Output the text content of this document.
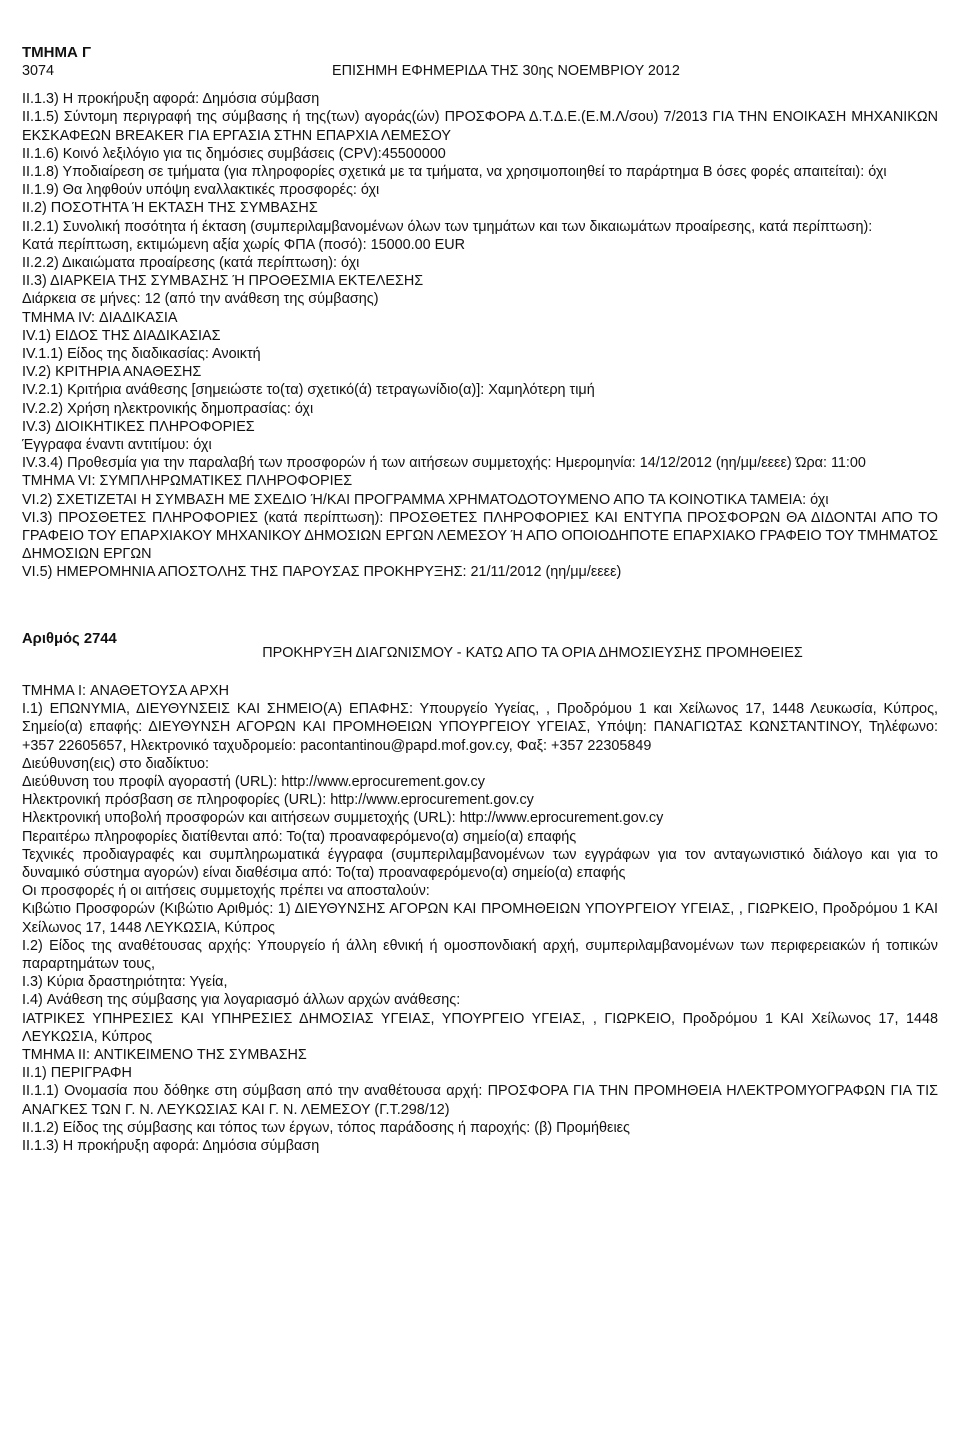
ΤΜΗΜΑ Γ
3074	ΕΠΙΣΗΜΗ ΕΦΗΜΕΡΙΔΑ ΤΗΣ 30ης ΝΟΕΜΒΡΙΟΥ 2012
ΙΙ.1.3) Η προκήρυξη αφορά: Δημόσια σύμβαση
ΙΙ.1.5) Σύντομη περιγραφή της σύμβασης ή της(των) αγοράς(ών) ΠΡΟΣΦΟΡΑ Δ.Τ.Δ.Ε.(Ε.Μ.Λ/σου) 7/2013 ΓΙΑ ΤΗΝ ΕΝΟΙΚΑΣΗ ΜΗΧΑΝΙΚΩΝ ΕΚΣΚΑΦΕΩΝ BREAKER ΓΙΑ ΕΡΓΑΣΙΑ ΣΤΗΝ ΕΠΑΡΧΙΑ ΛΕΜΕΣΟΥ
ΙΙ.1.6) Κοινό λεξιλόγιο για τις δημόσιες συμβάσεις (CPV):45500000
ΙΙ.1.8) Υποδιαίρεση σε τμήματα (για πληροφορίες σχετικά με τα τμήματα, να χρησιμοποιηθεί το παράρτημα Β όσες φορές απαιτείται): όχι
ΙΙ.1.9) Θα ληφθούν υπόψη εναλλακτικές προσφορές: όχι
ΙΙ.2) ΠΟΣΟΤΗΤΑ Ή ΕΚΤΑΣΗ ΤΗΣ ΣΥΜΒΑΣΗΣ
ΙΙ.2.1) Συνολική ποσότητα ή έκταση (συμπεριλαμβανομένων όλων των τμημάτων και των δικαιωμάτων προαίρεσης, κατά περίπτωση):
Κατά περίπτωση, εκτιμώμενη αξία χωρίς ΦΠΑ (ποσό): 15000.00 EUR
ΙΙ.2.2) Δικαιώματα προαίρεσης (κατά περίπτωση): όχι
ΙΙ.3) ΔΙΑΡΚΕΙΑ ΤΗΣ ΣΥΜΒΑΣΗΣ Ή ΠΡΟΘΕΣΜΙΑ ΕΚΤΕΛΕΣΗΣ
Διάρκεια σε μήνες: 12 (από την ανάθεση της σύμβασης)
ΤΜΗΜΑ IV: ΔΙΑΔΙΚΑΣΙΑ
IV.1) ΕΙΔΟΣ ΤΗΣ ΔΙΑΔΙΚΑΣΙΑΣ
IV.1.1) Είδος της διαδικασίας: Ανοικτή
IV.2) ΚΡΙΤΗΡΙΑ ΑΝΑΘΕΣΗΣ
IV.2.1) Κριτήρια ανάθεσης [σημειώστε το(τα) σχετικό(ά) τετραγωνίδιο(α)]: Χαμηλότερη τιμή
IV.2.2) Χρήση ηλεκτρονικής δημοπρασίας: όχι
IV.3) ΔΙΟΙΚΗΤΙΚΕΣ ΠΛΗΡΟΦΟΡΙΕΣ
Έγγραφα έναντι αντιτίμου: όχι
IV.3.4) Προθεσμία για την παραλαβή των προσφορών ή των αιτήσεων συμμετοχής: Ημερομηνία: 14/12/2012 (ηη/μμ/εεεε) Ώρα: 11:00
ΤΜΗΜΑ VI: ΣΥΜΠΛΗΡΩΜΑΤΙΚΕΣ ΠΛΗΡΟΦΟΡΙΕΣ
VI.2) ΣΧΕΤΙΖΕΤΑΙ Η ΣΥΜΒΑΣΗ ΜΕ ΣΧΕΔΙΟ Ή/ΚΑΙ ΠΡΟΓΡΑΜΜΑ ΧΡΗΜΑΤΟΔΟΤΟΥΜΕΝΟ ΑΠΟ ΤΑ ΚΟΙΝΟΤΙΚΑ ΤΑΜΕΙΑ: όχι
VI.3) ΠΡΟΣΘΕΤΕΣ ΠΛΗΡΟΦΟΡΙΕΣ (κατά περίπτωση): ΠΡΟΣΘΕΤΕΣ ΠΛΗΡΟΦΟΡΙΕΣ ΚΑΙ ΕΝΤΥΠΑ ΠΡΟΣΦΟΡΩΝ ΘΑ ΔΙΔΟΝΤΑΙ ΑΠΟ ΤΟ ΓΡΑΦΕΙΟ ΤΟΥ ΕΠΑΡΧΙΑΚΟΥ ΜΗΧΑΝΙΚΟΥ ΔΗΜΟΣΙΩΝ ΕΡΓΩΝ ΛΕΜΕΣΟΥ Ή ΑΠΟ ΟΠΟΙΟΔΗΠΟΤΕ ΕΠΑΡΧΙΑΚΟ ΓΡΑΦΕΙΟ ΤΟΥ ΤΜΗΜΑΤΟΣ ΔΗΜΟΣΙΩΝ ΕΡΓΩΝ
VI.5) ΗΜΕΡΟΜΗΝΙΑ ΑΠΟΣΤΟΛΗΣ ΤΗΣ ΠΑΡΟΥΣΑΣ ΠΡΟΚΗΡΥΞΗΣ: 21/11/2012 (ηη/μμ/εεεε)
Αριθμός 2744
ΠΡΟΚΗΡΥΞΗ ΔΙΑΓΩΝΙΣΜΟΥ - ΚΑΤΩ ΑΠΟ ΤΑ ΟΡΙΑ ΔΗΜΟΣΙΕΥΣΗΣ ΠΡΟΜΗΘΕΙΕΣ
ΤΜΗΜΑ I: ΑΝΑΘΕΤΟΥΣΑ ΑΡΧΗ
I.1) ΕΠΩΝΥΜΙΑ, ΔΙΕΥΘΥΝΣΕΙΣ ΚΑΙ ΣΗΜΕΙΟ(Α) ΕΠΑΦΗΣ: Υπουργείο Υγείας, , Προδρόμου 1 και Χείλωνος 17, 1448 Λευκωσία, Κύπρος, Σημείο(α) επαφής: ΔΙΕΥΘΥΝΣΗ ΑΓΟΡΩΝ ΚΑΙ ΠΡΟΜΗΘΕΙΩΝ ΥΠΟΥΡΓΕΙΟΥ ΥΓΕΙΑΣ, Υπόψη: ΠΑΝΑΓΙΩΤΑΣ ΚΩΝΣΤΑΝΤΙΝΟΥ, Τηλέφωνο: +357 22605657, Ηλεκτρονικό ταχυδρομείο: pacontantinou@papd.mof.gov.cy, Φαξ: +357 22305849
Διεύθυνση(εις) στο διαδίκτυο:
Διεύθυνση του προφίλ αγοραστή (URL): http://www.eprocurement.gov.cy
Ηλεκτρονική πρόσβαση σε πληροφορίες (URL): http://www.eprocurement.gov.cy
Ηλεκτρονική υποβολή προσφορών και αιτήσεων συμμετοχής (URL): http://www.eprocurement.gov.cy
Περαιτέρω πληροφορίες διατίθενται από: Το(τα) προαναφερόμενο(α) σημείο(α) επαφής
Τεχνικές προδιαγραφές και συμπληρωματικά έγγραφα (συμπεριλαμβανομένων των εγγράφων για τον ανταγωνιστικό διάλογο και για το δυναμικό σύστημα αγορών) είναι διαθέσιμα από: Το(τα) προαναφερόμενο(α) σημείο(α) επαφής
Οι προσφορές ή οι αιτήσεις συμμετοχής πρέπει να αποσταλούν:
Κιβώτιο Προσφορών (Κιβώτιο Αριθμός: 1) ΔΙΕΥΘΥΝΣΗΣ ΑΓΟΡΩΝ ΚΑΙ ΠΡΟΜΗΘΕΙΩΝ ΥΠΟΥΡΓΕΙΟΥ ΥΓΕΙΑΣ, , ΓΙΩΡΚΕΙΟ, Προδρόμου 1 ΚΑΙ Χείλωνος 17, 1448 ΛΕΥΚΩΣΙΑ, Κύπρος
I.2) Είδος της αναθέτουσας αρχής: Υπουργείο ή άλλη εθνική ή ομοσπονδιακή αρχή, συμπεριλαμβανομένων των περιφερειακών ή τοπικών παραρτημάτων τους,
I.3) Κύρια δραστηριότητα: Υγεία,
I.4) Ανάθεση της σύμβασης για λογαριασμό άλλων αρχών ανάθεσης:
ΙΑΤΡΙΚΕΣ ΥΠΗΡΕΣΙΕΣ ΚΑΙ ΥΠΗΡΕΣΙΕΣ ΔΗΜΟΣΙΑΣ ΥΓΕΙΑΣ, ΥΠΟΥΡΓΕΙΟ ΥΓΕΙΑΣ, , ΓΙΩΡΚΕΙΟ, Προδρόμου 1 ΚΑΙ Χείλωνος 17, 1448 ΛΕΥΚΩΣΙΑ, Κύπρος
ΤΜΗΜΑ II: ΑΝΤΙΚΕΙΜΕΝΟ ΤΗΣ ΣΥΜΒΑΣΗΣ
ΙΙ.1) ΠΕΡΙΓΡΑΦΗ
ΙΙ.1.1) Ονομασία που δόθηκε στη σύμβαση από την αναθέτουσα αρχή: ΠΡΟΣΦΟΡΑ ΓΙΑ ΤΗΝ ΠΡΟΜΗΘΕΙΑ ΗΛΕΚΤΡΟΜΥΟΓΡΑΦΩΝ ΓΙΑ ΤΙΣ ΑΝΑΓΚΕΣ ΤΩΝ Γ. Ν. ΛΕΥΚΩΣΙΑΣ ΚΑΙ Γ. Ν. ΛΕΜΕΣΟΥ (Γ.Τ.298/12)
ΙΙ.1.2) Είδος της σύμβασης και τόπος των έργων, τόπος παράδοσης ή παροχής: (β) Προμήθειες
ΙΙ.1.3) Η προκήρυξη αφορά: Δημόσια σύμβαση
